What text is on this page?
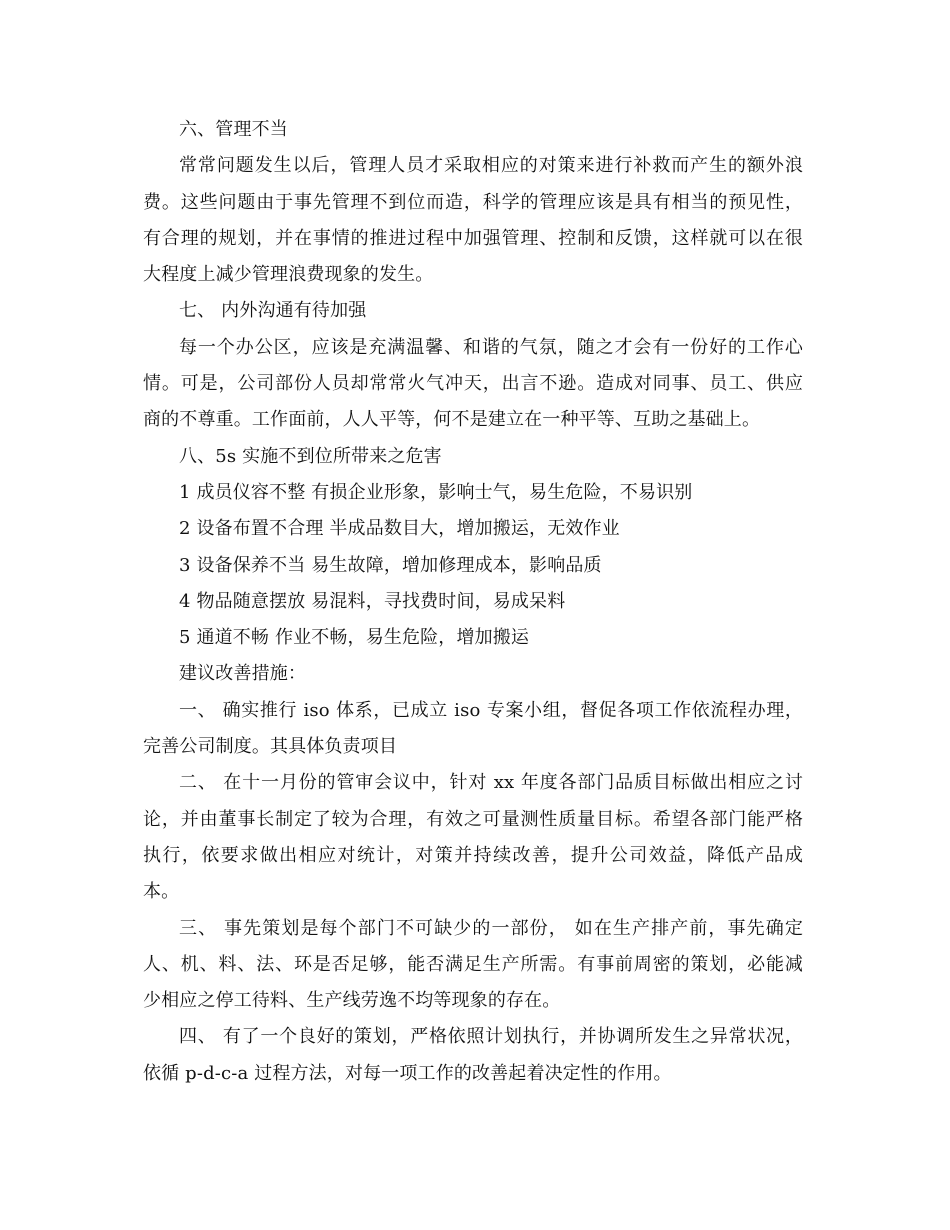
六、管理不当
常常问题发生以后，管理人员才采取相应的对策来进行补救而产生的额外浪
费。这些问题由于事先管理不到位而造，科学的管理应该是具有相当的预见性，
有合理的规划，并在事情的推进过程中加强管理、控制和反馈，这样就可以在很
大程度上减少管理浪费现象的发生。
七、 内外沟通有待加强
每一个办公区，应该是充满温馨、和谐的气氛，随之才会有一份好的工作心
情。可是，公司部份人员却常常火气冲天，出言不逊。造成对同事、员工、供应
商的不尊重。工作面前，人人平等，何不是建立在一种平等、互助之基础上。
八、5s 实施不到位所带来之危害
1 成员仪容不整 有损企业形象，影响士气，易生危险，不易识别
2 设备布置不合理 半成品数目大，增加搬运，无效作业
3 设备保养不当 易生故障，增加修理成本，影响品质
4 物品随意摆放 易混料，寻找费时间，易成呆料
5 通道不畅 作业不畅，易生危险，增加搬运
建议改善措施：
一、 确实推行 iso 体系，已成立 iso 专案小组，督促各项工作依流程办理，
完善公司制度。其具体负责项目
二、 在十一月份的管审会议中，针对 xx 年度各部门品质目标做出相应之讨
论，并由董事长制定了较为合理，有效之可量测性质量目标。希望各部门能严格
执行，依要求做出相应对统计，对策并持续改善，提升公司效益，降低产品成
本。
三、 事先策划是每个部门不可缺少的一部份， 如在生产排产前，事先确定
人、机、料、法、环是否足够，能否满足生产所需。有事前周密的策划，必能减
少相应之停工待料、生产线劳逸不均等现象的存在。
四、 有了一个良好的策划，严格依照计划执行，并协调所发生之异常状况，
依循 p-d-c-a 过程方法，对每一项工作的改善起着决定性的作用。
